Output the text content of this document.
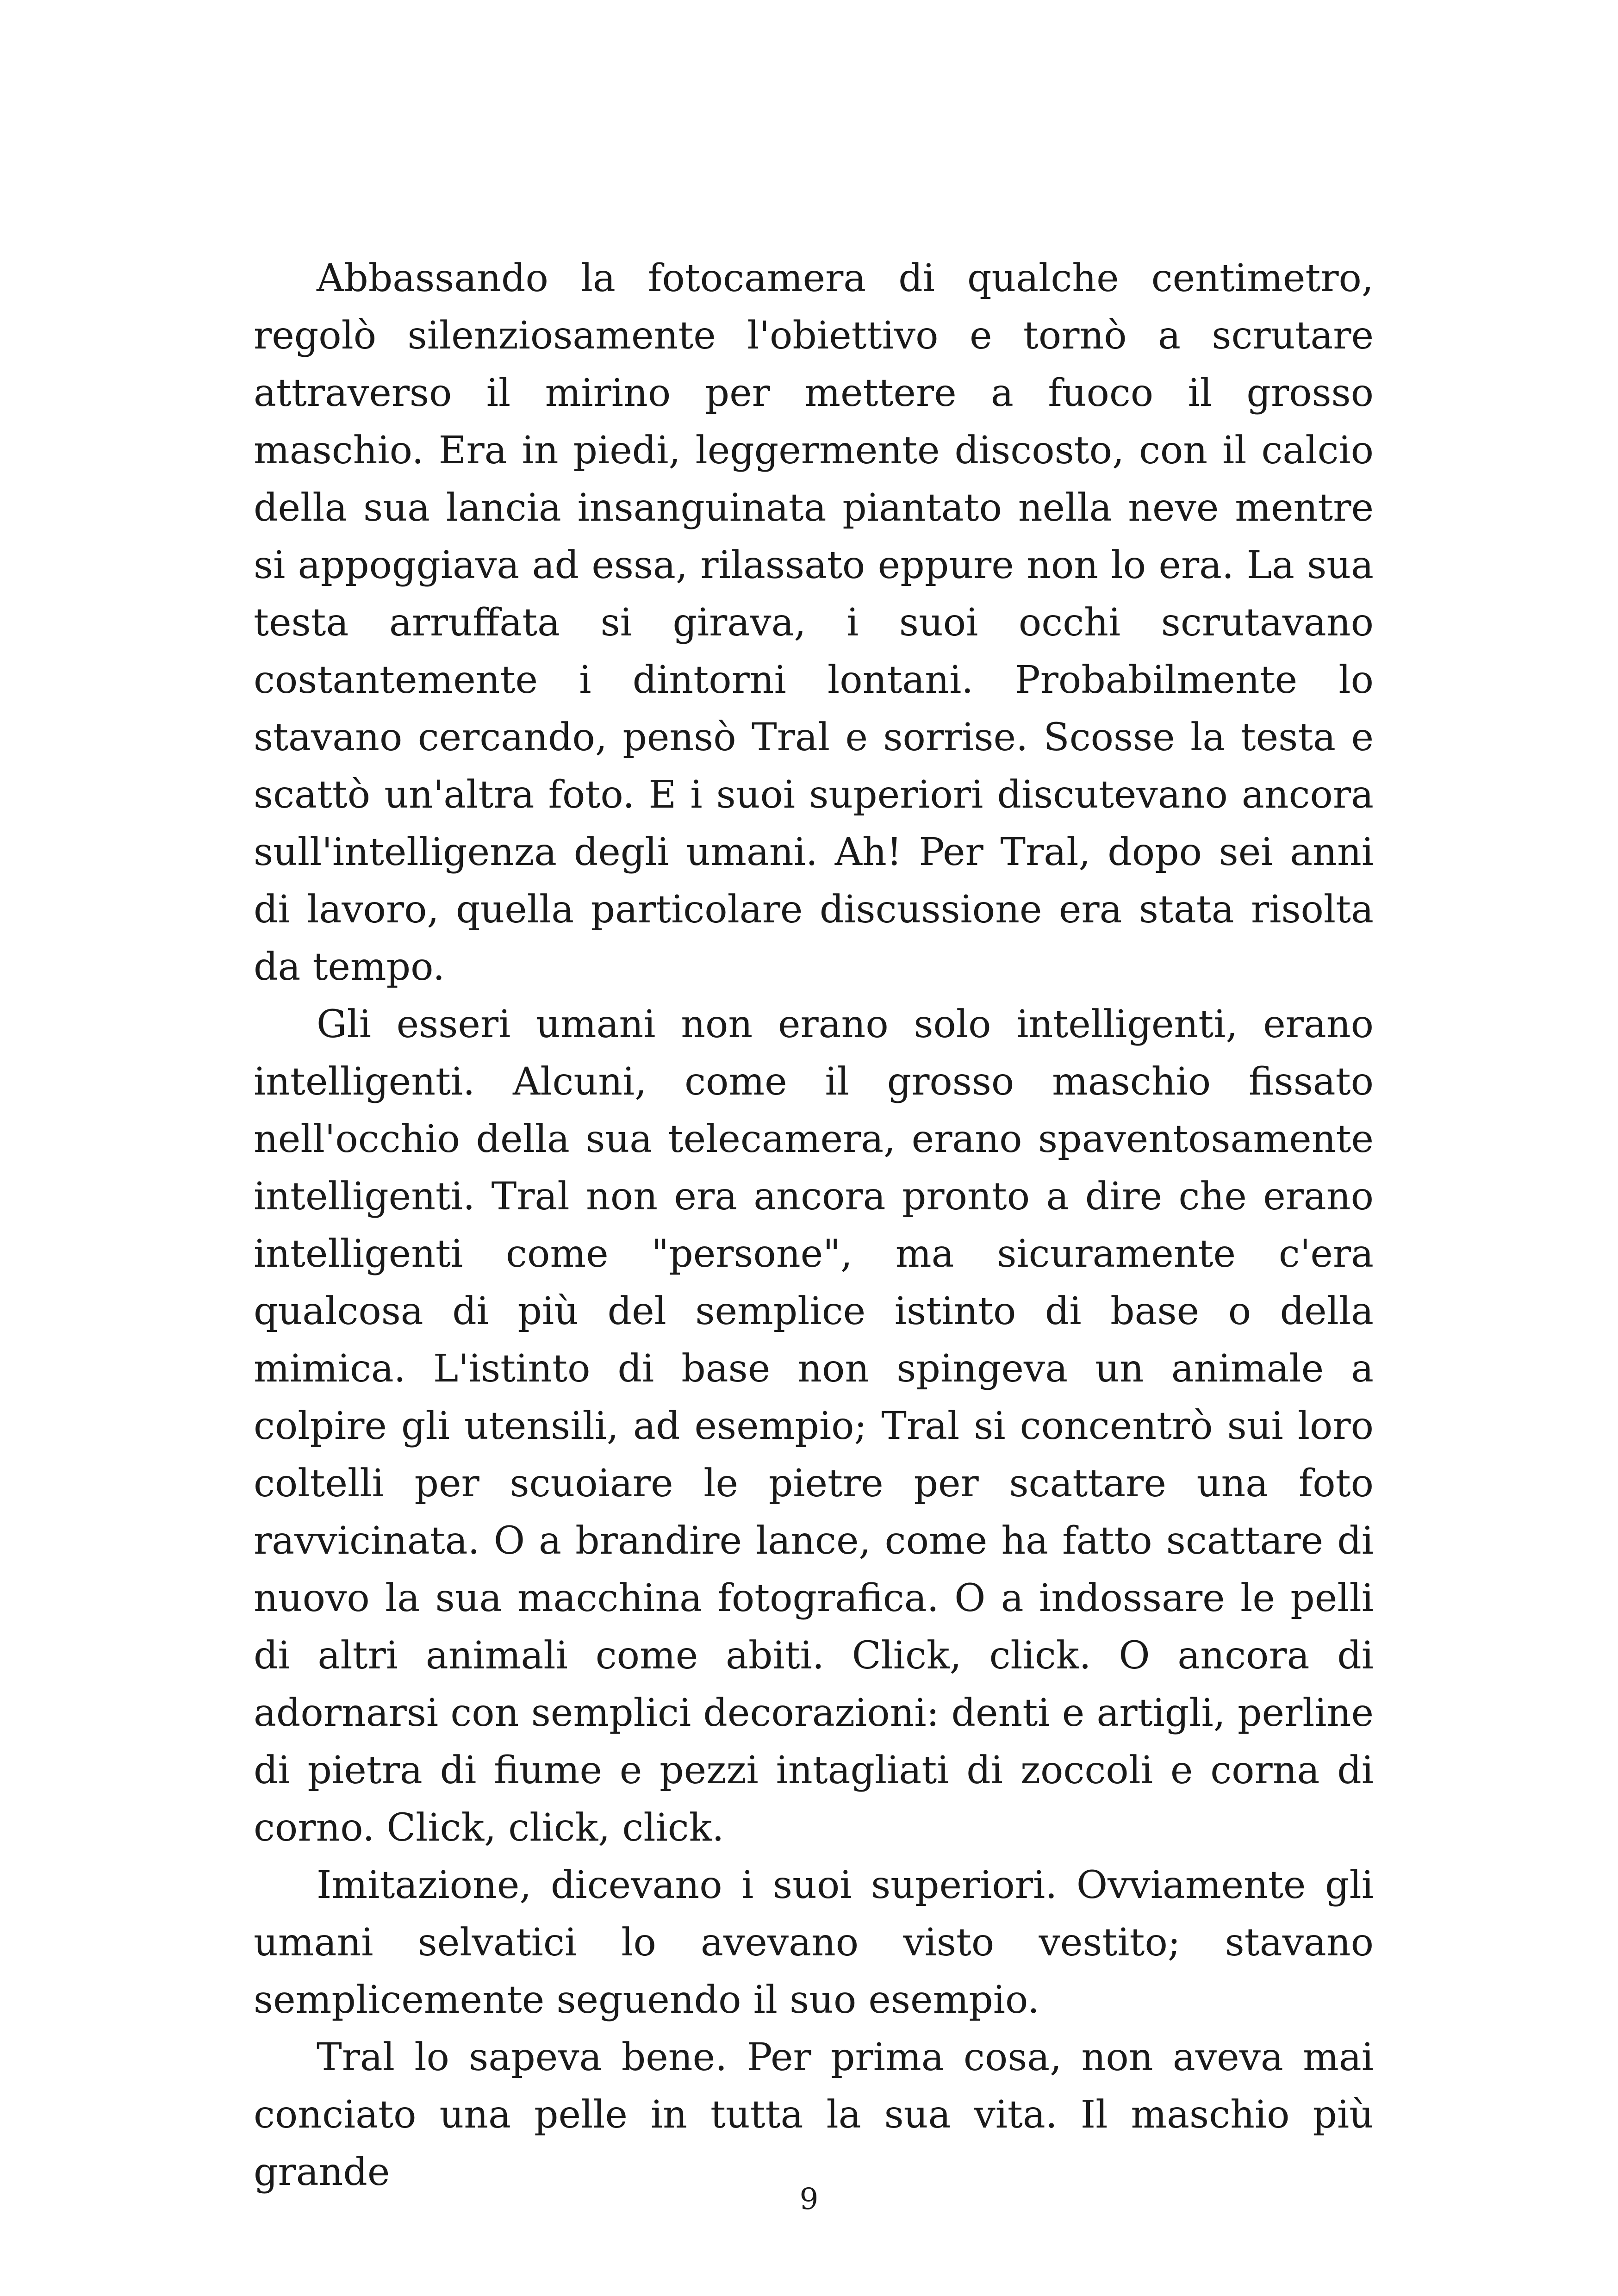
Abbassando la fotocamera di qualche centimetro, regolò silenziosamente l'obiettivo e tornò a scrutare attraverso il mirino per mettere a fuoco il grosso maschio. Era in piedi, leggermente discosto, con il calcio della sua lancia insanguinata piantato nella neve mentre si appoggiava ad essa, rilassato eppure non lo era. La sua testa arruffata si girava, i suoi occhi scrutavano costantemente i dintorni lontani. Probabilmente lo stavano cercando, pensò Tral e sorrise. Scosse la testa e scattò un'altra foto. E i suoi superiori discutevano ancora sull'intelligenza degli umani. Ah! Per Tral, dopo sei anni di lavoro, quella particolare discussione era stata risolta da tempo.

Gli esseri umani non erano solo intelligenti, erano intelligenti. Alcuni, come il grosso maschio fissato nell'occhio della sua telecamera, erano spaventosamente intelligenti. Tral non era ancora pronto a dire che erano intelligenti come "persone", ma sicuramente c'era qualcosa di più del semplice istinto di base o della mimica. L'istinto di base non spingeva un animale a colpire gli utensili, ad esempio; Tral si concentrò sui loro coltelli per scuoiare le pietre per scattare una foto ravvicinata. O a brandire lance, come ha fatto scattare di nuovo la sua macchina fotografica. O a indossare le pelli di altri animali come abiti. Click, click. O ancora di adornarsi con semplici decorazioni: denti e artigli, perline di pietra di fiume e pezzi intagliati di zoccoli e corna di corno. Click, click, click.

Imitazione, dicevano i suoi superiori. Ovviamente gli umani selvatici lo avevano visto vestito; stavano semplicemente seguendo il suo esempio.

Tral lo sapeva bene. Per prima cosa, non aveva mai conciato una pelle in tutta la sua vita. Il maschio più grande

9
